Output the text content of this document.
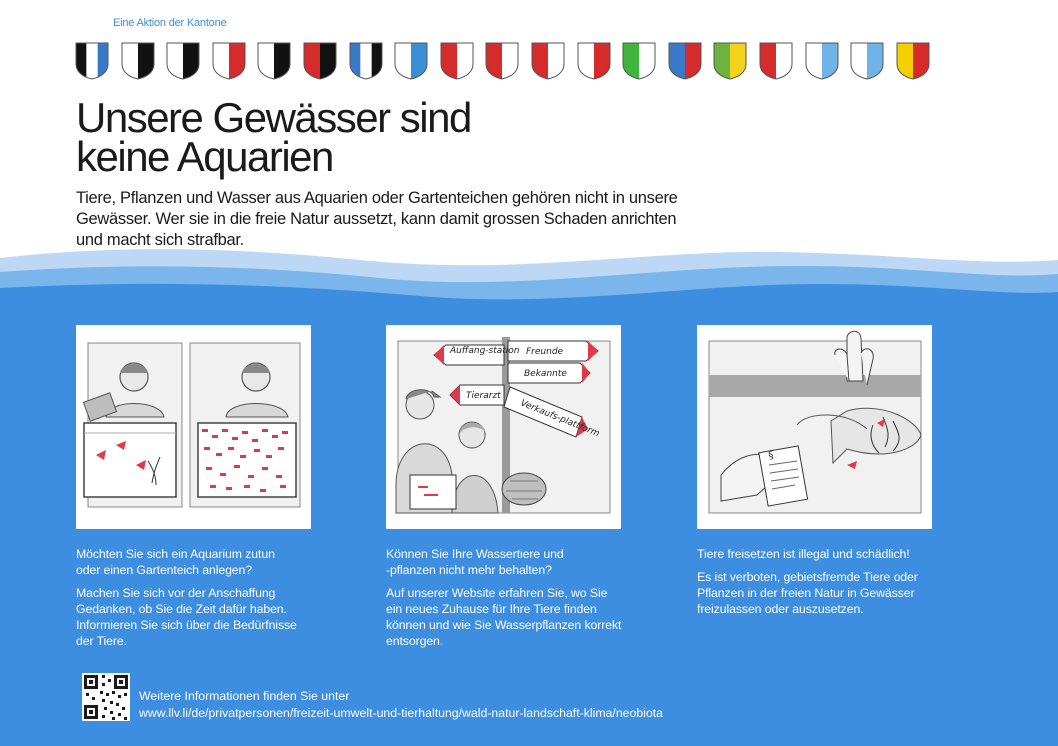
Eine Aktion der Kantone
Unsere Gewässer sind
keine Aquarien
Tiere, Pflanzen und Wasser aus Aquarien oder Gartenteichen gehören nicht in unsere
Gewässer. Wer sie in die freie Natur aussetzt, kann damit grossen Schaden anrichten
und macht sich strafbar.
Auffang-station Freunde
Bekannte
Tierarzt
Verkaufs-plattform
§

Möchten Sie sich ein Aquarium zutun
oder einen Gartenteich anlegen?

Machen Sie sich vor der Anschaffung
Gedanken, ob Sie die Zeit dafür haben.
Informieren Sie sich über die Bedürfnisse
der Tiere.

Können Sie Ihre Wassertiere und
-pflanzen nicht mehr behalten?

Auf unserer Website erfahren Sie, wo Sie
ein neues Zuhause für Ihre Tiere finden
können und wie Sie Wasserpflanzen korrekt
entsorgen.

Tiere freisetzen ist illegal und schädlich!

Es ist verboten, gebietsfremde Tiere oder
Pflanzen in der freien Natur in Gewässer
freizulassen oder auszusetzen.

Weitere Informationen finden Sie unter
www.llv.li/de/privatpersonen/freizeit-umwelt-und-tierhaltung/wald-natur-landschaft-klima/neobiota
